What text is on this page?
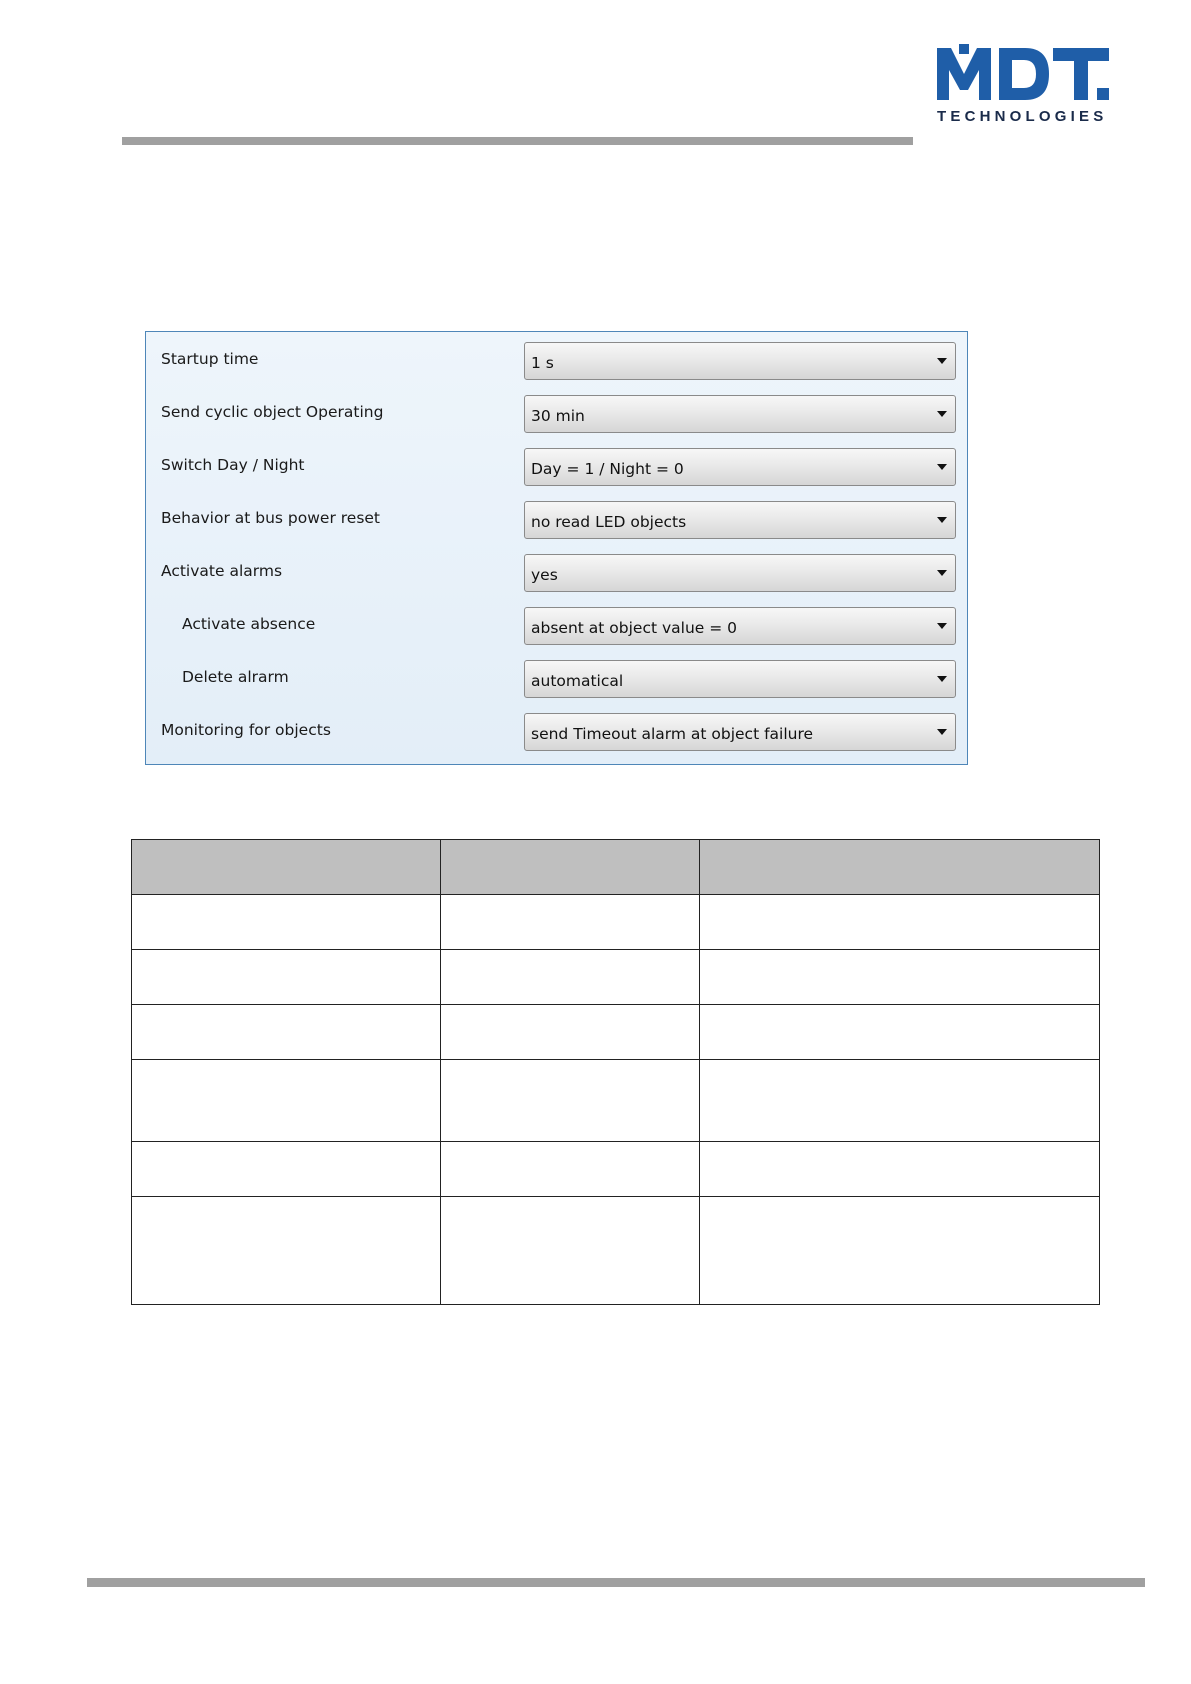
TECHNOLOGIES
Startup time	1 s
Send cyclic object Operating	30 min
Switch Day / Night	Day = 1 / Night = 0
Behavior at bus power reset	no read LED objects
Activate alarms	yes
Activate absence	absent at object value = 0
Delete alrarm	automatical
Monitoring for objects	send Timeout alarm at object failure
